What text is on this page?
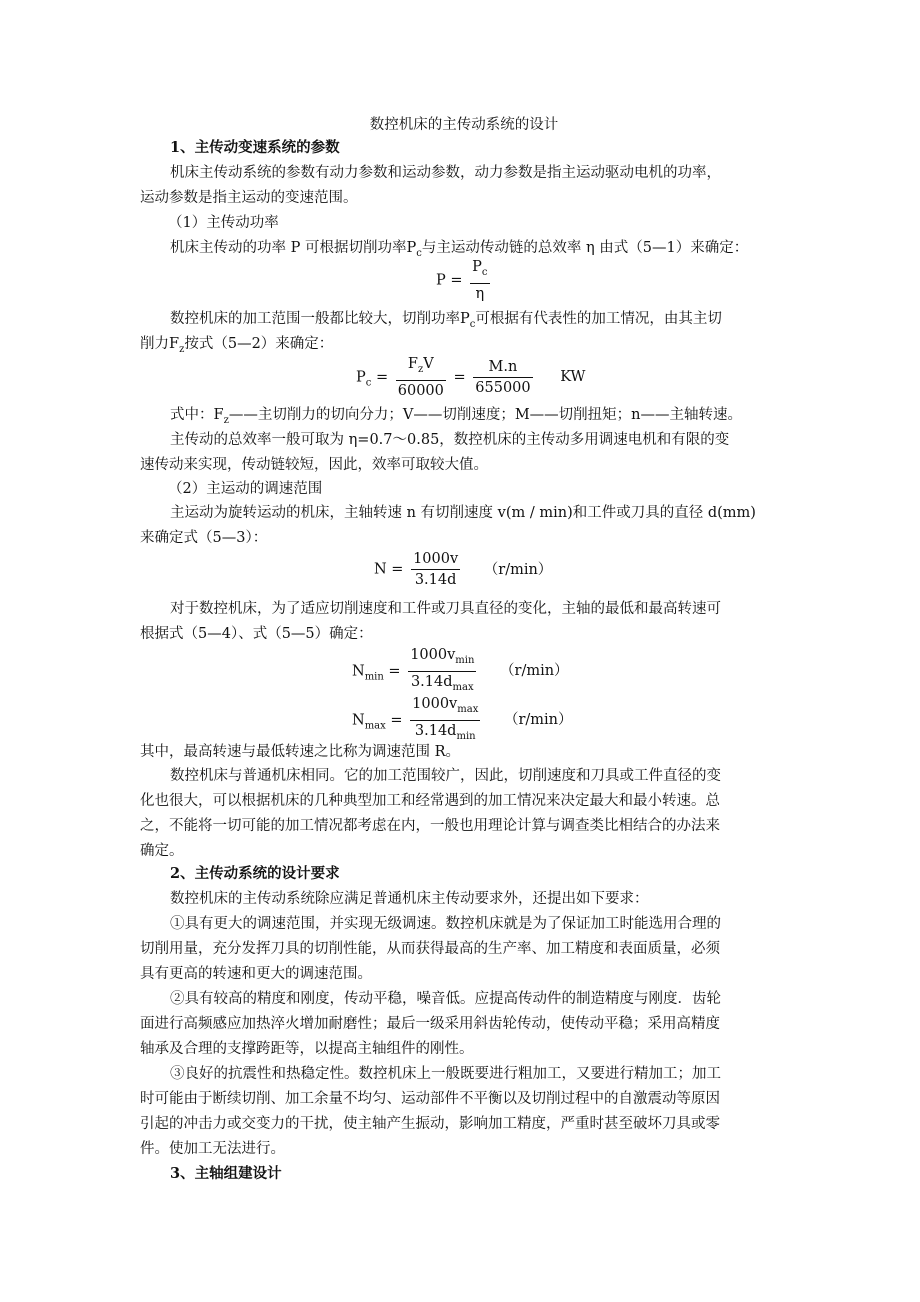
数控机床的主传动系统的设计
1、主传动变速系统的参数
机床主传动系统的参数有动力参数和运动参数，动力参数是指主运动驱动电机的功率，
运动参数是指主运动的变速范围。
（1）主传动功率
机床主传动的功率 P 可根据切削功率$P_c$与主运动传动链的总效率 η 由式（5—1）来确定：
$P = \frac{P_c}{\eta}$
数控机床的加工范围一般都比较大，切削功率$P_c$可根据有代表性的加工情况，由其主切
削力$F_z$按式（5—2）来确定：
$P_c = \frac{F_zV}{60000} = \frac{M.n}{655000}$ KW
式中：$F_z——$主切削力的切向分力；V——切削速度；M——切削扭矩；n——主轴转速。
主传动的总效率一般可取为 η=0.7～0.85，数控机床的主传动多用调速电机和有限的变
速传动来实现，传动链较短，因此，效率可取较大值。
（2）主运动的调速范围
主运动为旋转运动的机床，主轴转速 n 有切削速度 v(m / min)和工件或刀具的直径 d(mm)
来确定式（5—3）：
$N = \frac{1000v}{3.14d} (r/\min)$
对于数控机床，为了适应切削速度和工件或刀具直径的变化，主轴的最低和最高转速可
根据式（5—4）、式（5—5）确定：
$N_{min} = \frac{1000v_{min}}{3.14d_{max}} (r/\min)$
$N_{max} = \frac{1000v_{max}}{3.14d_{min}} (r/\min)$
其中，最高转速与最低转速之比称为调速范围 R。
数控机床与普通机床相同。它的加工范围较广，因此，切削速度和刀具或工件直径的变
化也很大，可以根据机床的几种典型加工和经常遇到的加工情况来决定最大和最小转速。总
之，不能将一切可能的加工情况都考虑在内，一般也用理论计算与调查类比相结合的办法来
确定。
2、主传动系统的设计要求
数控机床的主传动系统除应满足普通机床主传动要求外，还提出如下要求：
①具有更大的调速范围，并实现无级调速。数控机床就是为了保证加工时能选用合理的
切削用量，充分发挥刀具的切削性能，从而获得最高的生产率、加工精度和表面质量，必须
具有更高的转速和更大的调速范围。
②具有较高的精度和刚度，传动平稳，噪音低。应提高传动件的制造精度与刚度．齿轮
面进行高频感应加热淬火增加耐磨性；最后一级采用斜齿轮传动，使传动平稳；采用高精度
轴承及合理的支撑跨距等，以提高主轴组件的刚性。
③良好的抗震性和热稳定性。数控机床上一般既要进行粗加工，又要进行精加工；加工
时可能由于断续切削、加工余量不均匀、运动部件不平衡以及切削过程中的自激震动等原因
引起的冲击力或交变力的干扰，使主轴产生振动，影响加工精度，严重时甚至破坏刀具或零
件。使加工无法进行。
3、主轴组建设计
